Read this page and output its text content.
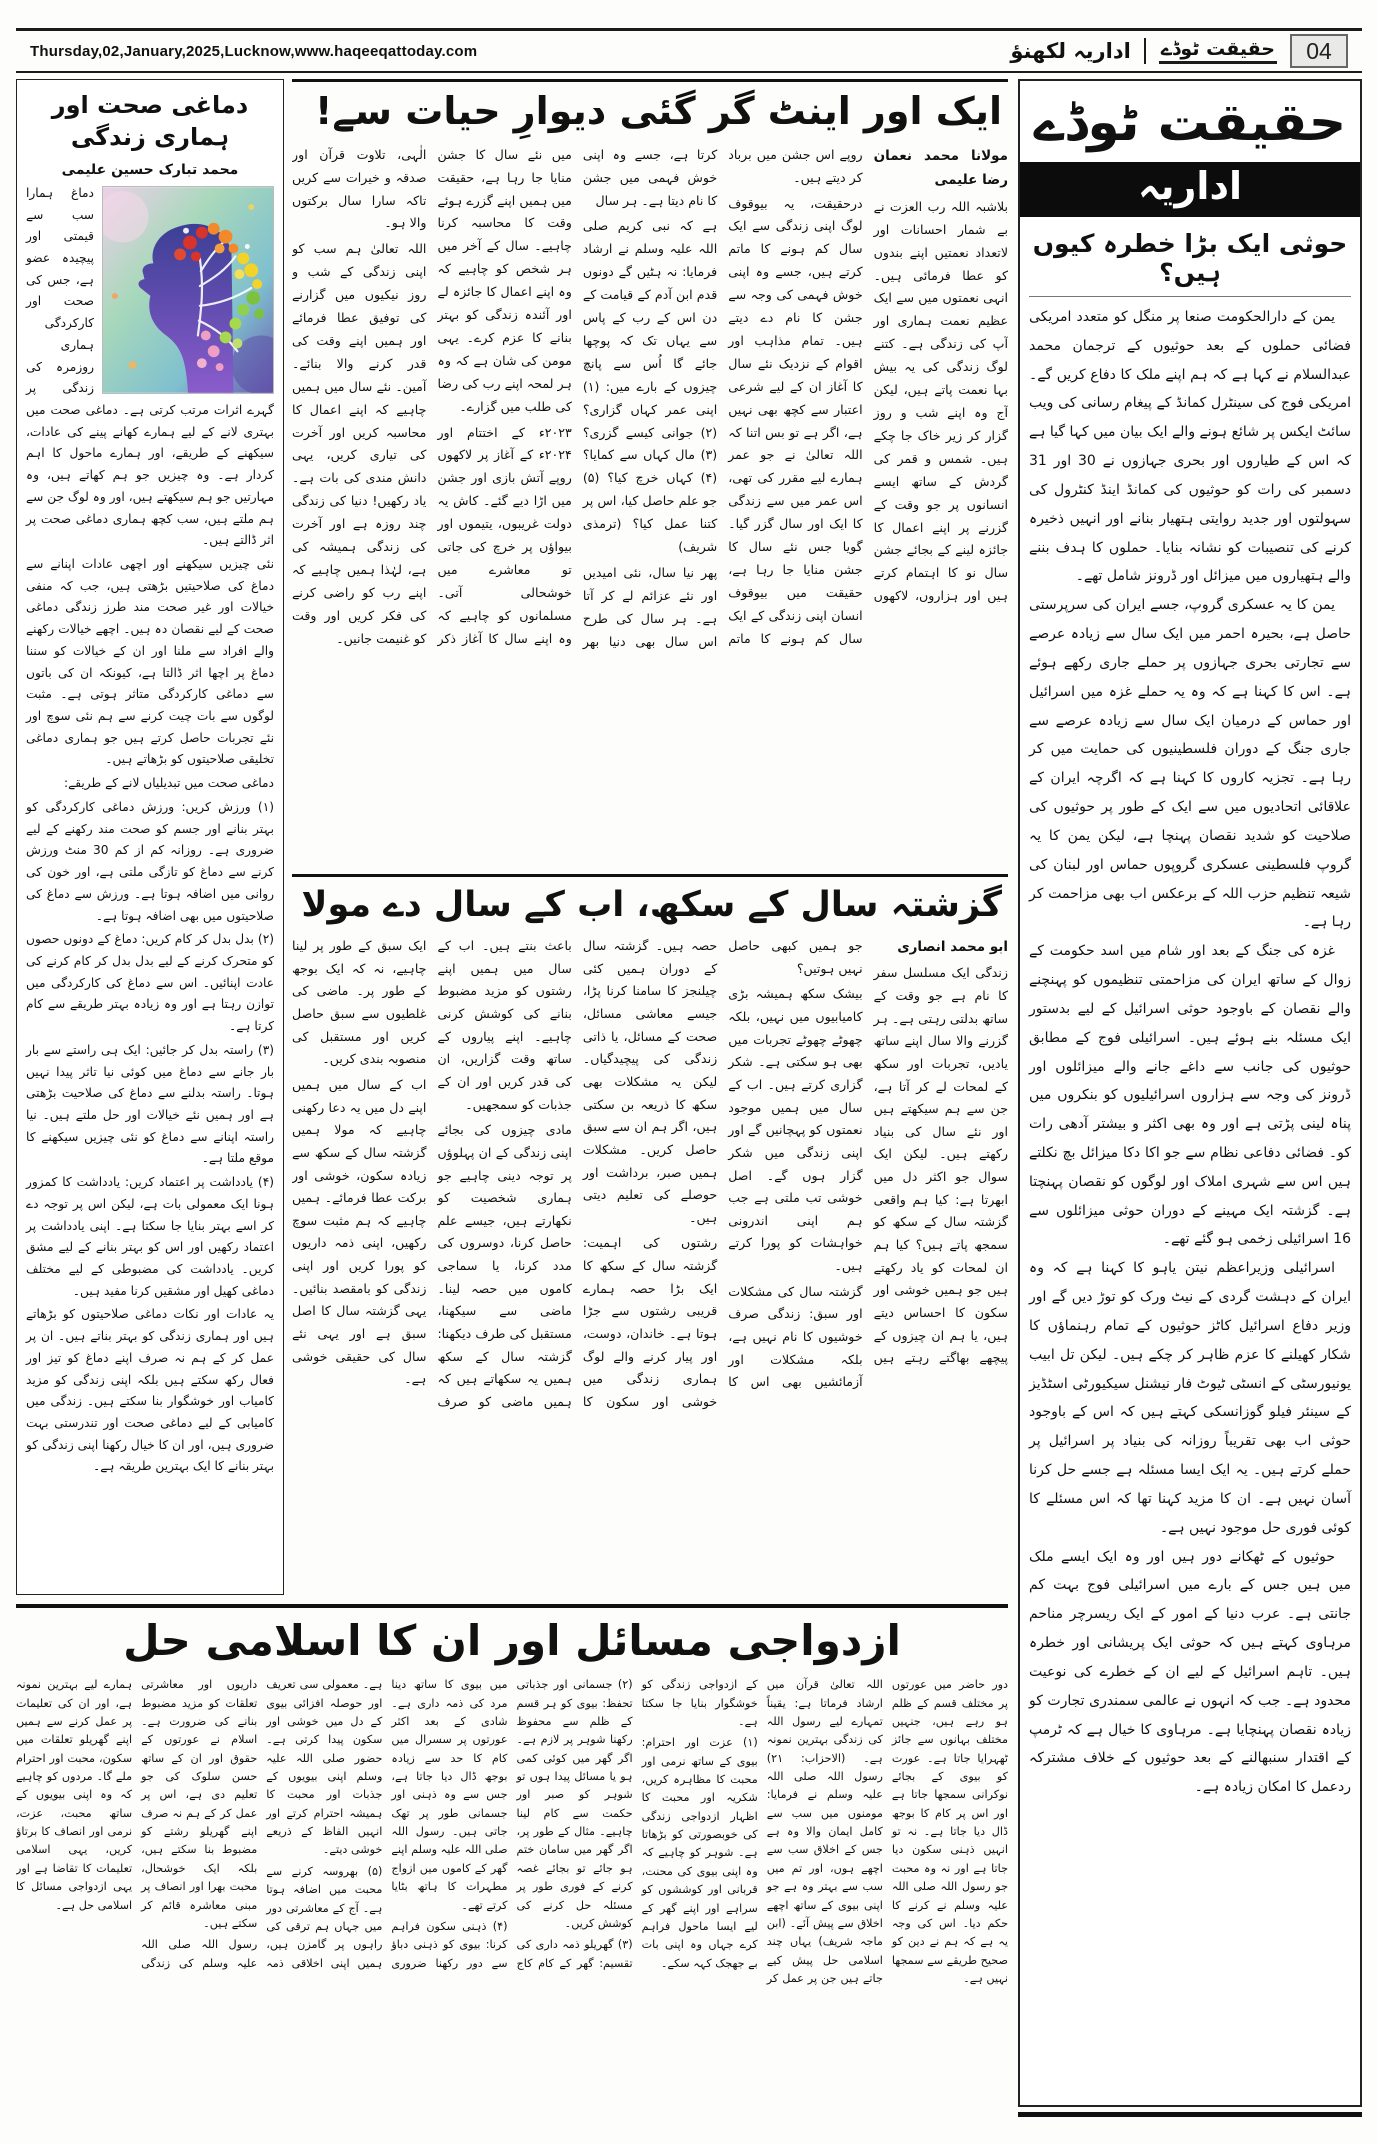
Thursday,02,January,2025,Lucknow,www.haqeeqattoday.com	اداریہ لکھنؤ حقیقت ٹوڈے	04
دماغی صحت اور ہماری زندگی
محمد تبارک حسین علیمی

دماغ ہمارا سب سے قیمتی اور پیچیدہ عضو ہے، جس کی صحت اور کارکردگی ہماری روزمرہ کی زندگی پر گہرے اثرات مرتب کرتی ہے۔ دماغی صحت میں بہتری لانے کے لیے ہمارے کھانے پینے کی عادات، سیکھنے کے طریقے، اور ہمارے ماحول کا اہم کردار ہے۔ وہ چیزیں جو ہم کھاتے ہیں، وہ مہارتیں جو ہم سیکھتے ہیں، اور وہ لوگ جن سے ہم ملتے ہیں، سب کچھ ہماری دماغی صحت پر اثر ڈالتے ہیں۔

نئی چیزیں سیکھنے اور اچھی عادات اپنانے سے دماغ کی صلاحیتیں بڑھتی ہیں، جب کہ منفی خیالات اور غیر صحت مند طرز زندگی دماغی صحت کے لیے نقصان دہ ہیں۔ اچھے خیالات رکھنے والے افراد سے ملنا اور ان کے خیالات کو سننا دماغ پر اچھا اثر ڈالتا ہے، کیونکہ ان کی باتوں سے دماغی کارکردگی متاثر ہوتی ہے۔ مثبت لوگوں سے بات چیت کرنے سے ہم نئی سوچ اور نئے تجربات حاصل کرتے ہیں جو ہماری دماغی تخلیقی صلاحیتوں کو بڑھاتے ہیں۔

دماغی صحت میں تبدیلیاں لانے کے طریقے:

(۱) ورزش کریں: ورزش دماغی کارکردگی کو بہتر بنانے اور جسم کو صحت مند رکھنے کے لیے ضروری ہے۔ روزانہ کم از کم 30 منٹ ورزش کرنے سے دماغ کو تازگی ملتی ہے، اور خون کی روانی میں اضافہ ہوتا ہے۔ ورزش سے دماغ کی صلاحیتوں میں بھی اضافہ ہوتا ہے۔

(۲) بدل بدل کر کام کریں: دماغ کے دونوں حصوں کو متحرک کرنے کے لیے بدل بدل کر کام کرنے کی عادت اپنائیں۔ اس سے دماغ کی کارکردگی میں توازن رہتا ہے اور وہ زیادہ بہتر طریقے سے کام کرتا ہے۔

(۳) راستہ بدل کر جائیں: ایک ہی راستے سے بار بار جانے سے دماغ میں کوئی نیا تاثر پیدا نہیں ہوتا۔ راستہ بدلنے سے دماغ کی صلاحیت بڑھتی ہے اور ہمیں نئے خیالات اور حل ملتے ہیں۔ نیا راستہ اپنانے سے دماغ کو نئی چیزیں سیکھنے کا موقع ملتا ہے۔

(۴) یادداشت پر اعتماد کریں: یادداشت کا کمزور ہونا ایک معمولی بات ہے، لیکن اس پر توجہ دے کر اسے بہتر بنایا جا سکتا ہے۔ اپنی یادداشت پر اعتماد رکھیں اور اس کو بہتر بنانے کے لیے مشق کریں۔ یادداشت کی مضبوطی کے لیے مختلف دماغی کھیل اور مشقیں کرنا مفید ہیں۔

یہ عادات اور نکات دماغی صلاحیتوں کو بڑھاتے ہیں اور ہماری زندگی کو بہتر بناتے ہیں۔ ان پر عمل کر کے ہم نہ صرف اپنے دماغ کو تیز اور فعال رکھ سکتے ہیں بلکہ اپنی زندگی کو مزید کامیاب اور خوشگوار بنا سکتے ہیں۔ زندگی میں کامیابی کے لیے دماغی صحت اور تندرستی بہت ضروری ہیں، اور ان کا خیال رکھنا اپنی زندگی کو بہتر بنانے کا ایک بہترین طریقہ ہے۔

ایک اور اینٹ گر گئی دیوارِ حیات سے!

مولانا محمد نعمان رضا علیمی

بلاشبہ اللہ رب العزت نے بے شمار احسانات اور لاتعداد نعمتیں اپنے بندوں کو عطا فرمائی ہیں۔ انہی نعمتوں میں سے ایک عظیم نعمت ہماری اور آپ کی زندگی ہے۔ کتنے لوگ زندگی کی یہ بیش بہا نعمت پاتے ہیں، لیکن آج وہ اپنے شب و روز گزار کر زیر خاک جا چکے ہیں۔ شمس و قمر کی گردش کے ساتھ ایسے انسانوں پر جو وقت کے گزرنے پر اپنے اعمال کا جائزہ لینے کے بجائے جشن سال نو کا اہتمام کرتے ہیں اور ہزاروں، لاکھوں روپے اس جشن میں برباد کر دیتے ہیں۔

درحقیقت، یہ بیوقوف لوگ اپنی زندگی سے ایک سال کم ہونے کا ماتم کرتے ہیں، جسے وہ اپنی خوش فہمی کی وجہ سے جشن کا نام دے دیتے ہیں۔ تمام مذاہب اور اقوام کے نزدیک نئے سال کا آغاز ان کے لیے شرعی اعتبار سے کچھ بھی نہیں ہے، اگر ہے تو بس اتنا کہ اللہ تعالیٰ نے جو عمر ہمارے لیے مقرر کی تھی، اس عمر میں سے زندگی کا ایک اور سال گزر گیا۔ گویا جس نئے سال کا جشن منایا جا رہا ہے، حقیقت میں بیوقوف انسان اپنی زندگی کے ایک سال کم ہونے کا ماتم کرتا ہے، جسے وہ اپنی خوش فہمی میں جشن کا نام دیتا ہے۔ ہر سال

ہے کہ نبی کریم صلی اللہ علیہ وسلم نے ارشاد فرمایا: نہ ہٹیں گے دونوں قدم ابن آدم کے قیامت کے دن اس کے رب کے پاس سے یہاں تک کہ پوچھا جائے گا اُس سے پانچ چیزوں کے بارے میں: (۱) اپنی عمر کہاں گزاری؟ (۲) جوانی کیسے گزری؟ (۳) مال کہاں سے کمایا؟ (۴) کہاں خرچ کیا؟ (۵) جو علم حاصل کیا، اس پر کتنا عمل کیا؟ (ترمذی شریف)

پھر نیا سال، نئی امیدیں اور نئے عزائم لے کر آتا ہے۔ ہر سال کی طرح اس سال بھی دنیا بھر میں نئے سال کا جشن منایا جا رہا ہے، حقیقت میں ہمیں اپنے گزرے ہوئے وقت کا محاسبہ کرنا چاہیے۔ سال کے آخر میں ہر شخص کو چاہیے کہ وہ اپنے اعمال کا جائزہ لے اور آئندہ زندگی کو بہتر بنانے کا عزم کرے۔ یہی مومن کی شان ہے کہ وہ ہر لمحہ اپنے رب کی رضا کی طلب میں گزارے۔

۲۰۲۳ء کے اختتام اور ۲۰۲۴ء کے آغاز پر لاکھوں روپے آتش بازی اور جشن میں اڑا دیے گئے۔ کاش یہ دولت غریبوں، یتیموں اور بیواؤں پر خرچ کی جاتی تو معاشرے میں خوشحالی آتی۔ مسلمانوں کو چاہیے کہ وہ اپنے سال کا آغاز ذکر الٰہی، تلاوت قرآن اور صدقہ و خیرات سے کریں تاکہ سارا سال برکتوں والا ہو۔

اللہ تعالیٰ ہم سب کو اپنی زندگی کے شب و روز نیکیوں میں گزارنے کی توفیق عطا فرمائے اور ہمیں اپنے وقت کی قدر کرنے والا بنائے۔ آمین۔ نئے سال میں ہمیں چاہیے کہ اپنے اعمال کا محاسبہ کریں اور آخرت کی تیاری کریں، یہی دانش مندی کی بات ہے۔ یاد رکھیں! دنیا کی زندگی چند روزہ ہے اور آخرت کی زندگی ہمیشہ کی ہے، لہٰذا ہمیں چاہیے کہ اپنے رب کو راضی کرنے کی فکر کریں اور وقت کو غنیمت جانیں۔

گزشتہ سال کے سکھ، اب کے سال دے مولا

ابو محمد انصاری

زندگی ایک مسلسل سفر کا نام ہے جو وقت کے ساتھ بدلتی رہتی ہے۔ ہر گزرنے والا سال اپنے ساتھ یادیں، تجربات اور سکھ کے لمحات لے کر آتا ہے، جن سے ہم سیکھتے ہیں اور نئے سال کی بنیاد رکھتے ہیں۔ لیکن ایک سوال جو اکثر دل میں ابھرتا ہے: کیا ہم واقعی گزشتہ سال کے سکھ کو سمجھ پاتے ہیں؟ کیا ہم ان لمحات کو یاد رکھتے ہیں جو ہمیں خوشی اور سکون کا احساس دیتے ہیں، یا ہم ان چیزوں کے پیچھے بھاگتے رہتے ہیں جو ہمیں کبھی حاصل نہیں ہوتیں؟

بیشک سکھ ہمیشہ بڑی کامیابیوں میں نہیں، بلکہ چھوٹے چھوٹے تجربات میں بھی ہو سکتی ہے۔ شکر گزاری کرتے ہیں۔ اب کے سال میں ہمیں موجود نعمتوں کو پہچانیں گے اور اپنی زندگی میں شکر گزار ہوں گے۔ اصل خوشی تب ملتی ہے جب ہم اپنی اندرونی خواہشات کو پورا کرتے ہیں۔

گزشتہ سال کی مشکلات اور سبق: زندگی صرف خوشیوں کا نام نہیں ہے، بلکہ مشکلات اور آزمائشیں بھی اس کا حصہ ہیں۔ گزشتہ سال کے دوران ہمیں کئی چیلنجز کا سامنا کرنا پڑا، جیسے معاشی مسائل، صحت کے مسائل، یا ذاتی زندگی کی پیچیدگیاں۔ لیکن یہ مشکلات بھی سکھ کا ذریعہ بن سکتی ہیں، اگر ہم ان سے سبق حاصل کریں۔ مشکلات ہمیں صبر، برداشت اور حوصلے کی تعلیم دیتی ہیں۔

رشتوں کی اہمیت: گزشتہ سال کے سکھ کا ایک بڑا حصہ ہمارے قریبی رشتوں سے جڑا ہوتا ہے۔ خاندان، دوست، اور پیار کرنے والے لوگ ہماری زندگی میں خوشی اور سکون کا باعث بنتے ہیں۔ اب کے سال میں ہمیں اپنے رشتوں کو مزید مضبوط بنانے کی کوشش کرنی چاہیے۔ اپنے پیاروں کے ساتھ وقت گزاریں، ان کی قدر کریں اور ان کے جذبات کو سمجھیں۔

مادی چیزوں کی بجائے اپنی زندگی کے ان پہلوؤں پر توجہ دینی چاہیے جو ہماری شخصیت کو نکھارتے ہیں، جیسے علم حاصل کرنا، دوسروں کی مدد کرنا، یا سماجی کاموں میں حصہ لینا۔ ماضی سے سیکھنا، مستقبل کی طرف دیکھنا: گزشتہ سال کے سکھ ہمیں یہ سکھاتے ہیں کہ ہمیں ماضی کو صرف ایک سبق کے طور پر لینا چاہیے، نہ کہ ایک بوجھ کے طور پر۔ ماضی کی غلطیوں سے سبق حاصل کریں اور مستقبل کی منصوبہ بندی کریں۔

اب کے سال میں ہمیں اپنے دل میں یہ دعا رکھنی چاہیے کہ مولا ہمیں گزشتہ سال کے سکھ سے زیادہ سکون، خوشی اور برکت عطا فرمائے۔ ہمیں چاہیے کہ ہم مثبت سوچ رکھیں، اپنی ذمہ داریوں کو پورا کریں اور اپنی زندگی کو بامقصد بنائیں۔ یہی گزشتہ سال کا اصل سبق ہے اور یہی نئے سال کی حقیقی خوشی ہے۔

ازدواجی مسائل اور ان کا اسلامی حل

دور حاضر میں عورتوں پر مختلف قسم کے ظلم ہو رہے ہیں، جنہیں مختلف بہانوں سے جائز ٹھہرایا جاتا ہے۔ عورت کو بیوی کے بجائے نوکرانی سمجھا جاتا ہے اور اس پر کام کا بوجھ ڈال دیا جاتا ہے۔ نہ تو انہیں ذہنی سکون دیا جاتا ہے اور نہ وہ محبت جو رسول اللہ صلی اللہ علیہ وسلم نے کرنے کا حکم دیا۔ اس کی وجہ یہ ہے کہ ہم نے دین کو صحیح طریقے سے سمجھا نہیں ہے۔

اللہ تعالیٰ قرآن میں ارشاد فرماتا ہے: یقیناً تمہارے لیے رسول اللہ کی زندگی بہترین نمونہ ہے۔ (الاحزاب: ۲۱) رسول اللہ صلی اللہ علیہ وسلم نے فرمایا: مومنوں میں سب سے کامل ایمان والا وہ ہے جس کے اخلاق سب سے اچھے ہوں، اور تم میں سب سے بہتر وہ ہے جو اپنی بیوی کے ساتھ اچھے اخلاق سے پیش آئے۔ (ابن ماجہ شریف) یہاں چند اسلامی حل پیش کیے جاتے ہیں جن پر عمل کر کے ازدواجی زندگی کو خوشگوار بنایا جا سکتا ہے۔

(۱) عزت اور احترام: بیوی کے ساتھ نرمی اور محبت کا مظاہرہ کریں، شکریہ اور محبت کا اظہار ازدواجی زندگی کی خوبصورتی کو بڑھاتا ہے۔ شوہر کو چاہیے کہ وہ اپنی بیوی کی محنت، قربانی اور کوششوں کو سراہے اور اپنے گھر کے لیے ایسا ماحول فراہم کرے جہاں وہ اپنی بات بے جھجک کہہ سکے۔

(۲) جسمانی اور جذباتی تحفظ: بیوی کو ہر قسم کے ظلم سے محفوظ رکھنا شوہر پر لازم ہے۔ اگر گھر میں کوئی کمی ہو یا مسائل پیدا ہوں تو شوہر کو صبر اور حکمت سے کام لینا چاہیے۔ مثال کے طور پر، اگر گھر میں سامان ختم ہو جائے تو بجائے غصہ کرنے کے فوری طور پر مسئلہ حل کرنے کی کوشش کریں۔

(۳) گھریلو ذمہ داری کی تقسیم: گھر کے کام کاج میں بیوی کا ساتھ دینا مرد کی ذمہ داری ہے۔ شادی کے بعد اکثر عورتوں پر سسرال میں کام کا حد سے زیادہ بوجھ ڈال دیا جاتا ہے، جس سے وہ ذہنی اور جسمانی طور پر تھک جاتی ہیں۔ رسول اللہ صلی اللہ علیہ وسلم اپنے گھر کے کاموں میں ازواج مطہرات کا ہاتھ بٹایا کرتے تھے۔

(۴) ذہنی سکون فراہم کرنا: بیوی کو ذہنی دباؤ سے دور رکھنا ضروری ہے۔ معمولی سی تعریف اور حوصلہ افزائی بیوی کے دل میں خوشی اور سکون پیدا کرتی ہے۔ حضور صلی اللہ علیہ وسلم اپنی بیویوں کے جذبات اور محبت کا ہمیشہ احترام کرتے اور انہیں الفاظ کے ذریعے خوشی دیتے۔

(۵) بھروسہ کرنے سے محبت میں اضافہ ہوتا ہے۔ آج کے معاشرتی دور میں جہاں ہم ترقی کی راہوں پر گامزن ہیں، ہمیں اپنی اخلاقی ذمہ داریوں اور معاشرتی تعلقات کو مزید مضبوط بنانے کی ضرورت ہے۔ اسلام نے عورتوں کے حقوق اور ان کے ساتھ حسن سلوک کی جو تعلیم دی ہے، اس پر عمل کر کے ہم نہ صرف اپنے گھریلو رشتے کو مضبوط بنا سکتے ہیں، بلکہ ایک خوشحال، محبت بھرا اور انصاف پر مبنی معاشرہ قائم کر سکتے ہیں۔

رسول اللہ صلی اللہ علیہ وسلم کی زندگی ہمارے لیے بہترین نمونہ ہے، اور ان کی تعلیمات پر عمل کرنے سے ہمیں اپنے گھریلو تعلقات میں سکون، محبت اور احترام ملے گا۔ مردوں کو چاہیے کہ وہ اپنی بیویوں کے ساتھ محبت، عزت، نرمی اور انصاف کا برتاؤ کریں، یہی اسلامی تعلیمات کا تقاضا ہے اور یہی ازدواجی مسائل کا اسلامی حل ہے۔

حقیقت ٹوڈے
اداریہ
حوثی ایک بڑا خطرہ کیوں ہیں؟

یمن کے دارالحکومت صنعا پر منگل کو متعدد امریکی فضائی حملوں کے بعد حوثیوں کے ترجمان محمد عبدالسلام نے کہا ہے کہ ہم اپنے ملک کا دفاع کریں گے۔ امریکی فوج کی سینٹرل کمانڈ کے پیغام رسانی کی ویب سائٹ ایکس پر شائع ہونے والے ایک بیان میں کہا گیا ہے کہ اس کے طیاروں اور بحری جہازوں نے 30 اور 31 دسمبر کی رات کو حوثیوں کی کمانڈ اینڈ کنٹرول کی سہولتوں اور جدید روایتی ہتھیار بنانے اور انہیں ذخیرہ کرنے کی تنصیبات کو نشانہ بنایا۔ حملوں کا ہدف بننے والے ہتھیاروں میں میزائل اور ڈرونز شامل تھے۔

یمن کا یہ عسکری گروپ، جسے ایران کی سرپرستی حاصل ہے، بحیرہ احمر میں ایک سال سے زیادہ عرصے سے تجارتی بحری جہازوں پر حملے جاری رکھے ہوئے ہے۔ اس کا کہنا ہے کہ وہ یہ حملے غزہ میں اسرائیل اور حماس کے درمیان ایک سال سے زیادہ عرصے سے جاری جنگ کے دوران فلسطینیوں کی حمایت میں کر رہا ہے۔ تجزیہ کاروں کا کہنا ہے کہ اگرچہ ایران کے علاقائی اتحادیوں میں سے ایک کے طور پر حوثیوں کی صلاحیت کو شدید نقصان پہنچا ہے، لیکن یمن کا یہ گروپ فلسطینی عسکری گروپوں حماس اور لبنان کی شیعہ تنظیم حزب اللہ کے برعکس اب بھی مزاحمت کر رہا ہے۔

غزہ کی جنگ کے بعد اور شام میں اسد حکومت کے زوال کے ساتھ ایران کی مزاحمتی تنظیموں کو پہنچنے والے نقصان کے باوجود حوثی اسرائیل کے لیے بدستور ایک مسئلہ بنے ہوئے ہیں۔ اسرائیلی فوج کے مطابق حوثیوں کی جانب سے داغے جانے والے میزائلوں اور ڈرونز کی وجہ سے ہزاروں اسرائیلیوں کو بنکروں میں پناہ لینی پڑتی ہے اور وہ بھی اکثر و بیشتر آدھی رات کو۔ فضائی دفاعی نظام سے جو اکا دکا میزائل بچ نکلتے ہیں اس سے شہری املاک اور لوگوں کو نقصان پہنچتا ہے۔ گزشتہ ایک مہینے کے دوران حوثی میزائلوں سے 16 اسرائیلی زخمی ہو گئے تھے۔

اسرائیلی وزیراعظم نیتن یاہو کا کہنا ہے کہ وہ ایران کے دہشت گردی کے نیٹ ورک کو توڑ دیں گے اور وزیر دفاع اسرائیل کاٹز حوثیوں کے تمام رہنماؤں کا شکار کھیلنے کا عزم ظاہر کر چکے ہیں۔ لیکن تل ابیب یونیورسٹی کے انسٹی ٹیوٹ فار نیشنل سیکیورٹی اسٹڈیز کے سینئر فیلو گوزانسکی کہتے ہیں کہ اس کے باوجود حوثی اب بھی تقریباً روزانہ کی بنیاد پر اسرائیل پر حملے کرتے ہیں۔ یہ ایک ایسا مسئلہ ہے جسے حل کرنا آسان نہیں ہے۔ ان کا مزید کہنا تھا کہ اس مسئلے کا کوئی فوری حل موجود نہیں ہے۔

حوثیوں کے ٹھکانے دور ہیں اور وہ ایک ایسے ملک میں ہیں جس کے بارے میں اسرائیلی فوج بہت کم جانتی ہے۔ عرب دنیا کے امور کے ایک ریسرچر مناحم مرہاوی کہتے ہیں کہ حوثی ایک پریشانی اور خطرہ ہیں۔ تاہم اسرائیل کے لیے ان کے خطرے کی نوعیت محدود ہے۔ جب کہ انہوں نے عالمی سمندری تجارت کو زیادہ نقصان پہنچایا ہے۔ مرہاوی کا خیال ہے کہ ٹرمپ کے اقتدار سنبھالنے کے بعد حوثیوں کے خلاف مشترکہ ردعمل کا امکان زیادہ ہے۔
